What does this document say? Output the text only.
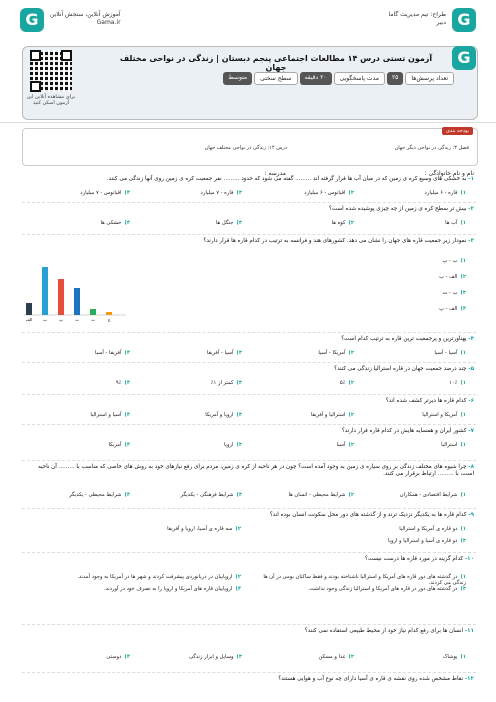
G
طراح: تیم مدیریت گاما
دبیر
G	آموزش آنلاین، سنجش آنلاین
Gama.ir
برای مشاهده آنلاین این آزمون اسکن کنید
G
آزمون تستی درس ۱۴ مطالعات اجتماعی پنجم دبستان | زندگی در نواحی مختلف جهان
تعداد پرسش‌ها
۲۵
مدت پاسخگویی
۲۰ دقیقه
سطح سختی
متوسط
بودجه بندی
فصل ۳: زندگی در نواحی دیگر جهان
درس ۱۴: زندگی در نواحی مختلف جهان
نام و نام خانوادگی :
مدرسه :
۱- به خشکی های وسیع کره ی زمین که در میان آب ها قرار گرفته اند ......... گفته می شود که حدود ......... نفر جمعیت کره ی زمین روی آنها زندگی می کنند.
۱)قاره - ۶ میلیارد
۲)اقیانوس - ۶ میلیارد
۳)قاره - ۷ میلیارد
۴)اقیانوس - ۷ میلیارد
۲- بیش تر سطح کره ی زمین از چه چیزی پوشیده شده است؟
۱)آب ها
۲)کوه ها
۳)جنگل ها
۴)خشکی ها
۳- نمودار زیر جمعیت قاره های جهان را نشان می دهد. کشورهای هند و فرانسه به ترتیب در کدام قاره ها قرار دارند؟
۱)ب - پ
۲)الف - ب
۳)ب - ت
۴)الف - پ
۴- پهناورترین و پرجمعیت ترین قاره به ترتیب کدام است؟
۱)آسیا - آسیا
۲)آمریکا - آسیا
۳)آسیا - آفریقا
۴)آفریقا - آسیا
۵- چند درصد جمعیت جهان در قاره استرالیا زندگی می کنند؟
۱)۱۰٪
۲)۵٪
۳)کمتر از ۱٪
۴)۹٪
۶- کدام قاره ها دیرتر کشف شده اند؟
۱)آمریکا و استرالیا
۲)استرالیا و آفریقا
۳)اروپا و آمریکا
۴)آسیا و استرالیا
۷- کشور ایران و همسایه هایش در کدام قاره قرار دارند؟
۱)استرالیا
۲)آسیا
۳)اروپا
۴)آمریکا
۸- چرا شیوه های مختلف زندگی بر روی سیاره ی زمین به وجود آمده است؟ چون در هر ناحیه از کره ی زمین، مردم برای رفع نیازهای خود به روش های خاصی که مناسب با ......... آن ناحیه است، با ......... ارتباط برقرار می کنند.
۱)شرایط اقتصادی - همکاران
۲)شرایط محیطی - انسان ها
۳)شرایط فرهنگی - یکدیگر
۴)شرایط محیطی - یکدیگر
۹- کدام قاره ها به یکدیگر نزدیک ترند و از گذشته های دور محل سکونت انسان بوده اند؟
۱)دو قاره ی آمریکا و استرالیا
۲)سه قاره ی آسیا، اروپا و آفریقا
۳)دو قاره ی آسیا و استرالیا و اروپا
۱۰- کدام گزینه در مورد قاره ها درست نیست؟
۱)در گذشته های دور قاره های آمریکا و استرالیا ناشناخته بودند و فقط ساکنان بومی در آن ها زندگی می کردند.
۲)اروپاییان در دریانوردی پیشرفت کردند و شهر ها در آمریکا به وجود آمدند.
۳)در گذشته های دور در قاره های آمریکا و استرالیا زندگی وجود نداشت.
۴)اروپاییان قاره های آمریکا و اروپا را به تصرف خود در آوردند.
۱۱- انسان ها برای رفع کدام نیاز خود از محیط طبیعی استفاده نمی کنند؟
۱)پوشاک
۲)غذا و مسکن
۳)وسایل و ابزار زندگی
۴)دوستی
۱۲- نقاط مشخص شده روی نقشه ی قاره ی آسیا دارای چه نوع آب و هوایی هستند؟
الف	ب	پ	ت	ث	ج
